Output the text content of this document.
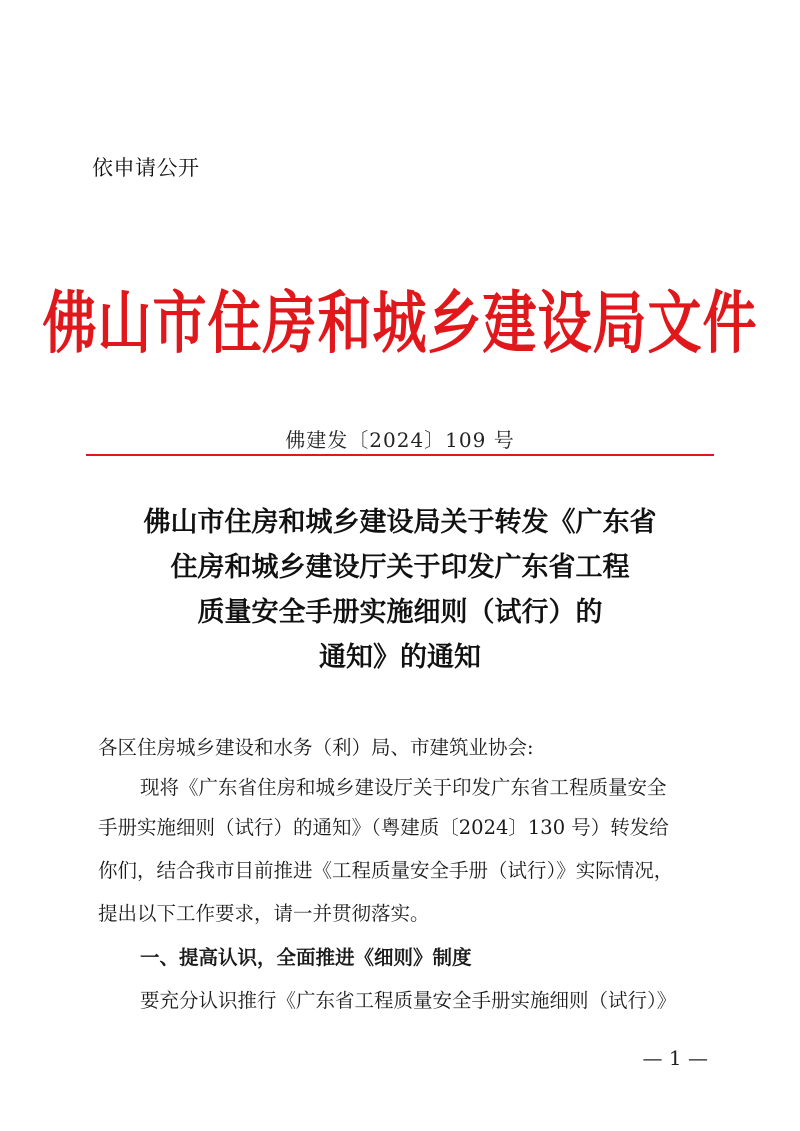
依申请公开
佛山市住房和城乡建设局文件
佛建发〔2024〕109 号
佛山市住房和城乡建设局关于转发《广东省
住房和城乡建设厅关于印发广东省工程
质量安全手册实施细则（试行）的
通知》的通知
各区住房城乡建设和水务（利）局、市建筑业协会:
现将《广东省住房和城乡建设厅关于印发广东省工程质量安全
手册实施细则（试行）的通知》（粤建质〔2024〕130 号）转发给
你们，结合我市目前推进《工程质量安全手册（试行）》实际情况，
提出以下工作要求，请一并贯彻落实。
一、提高认识，全面推进《细则》制度
要充分认识推行《广东省工程质量安全手册实施细则（试行）》
— 1 —
